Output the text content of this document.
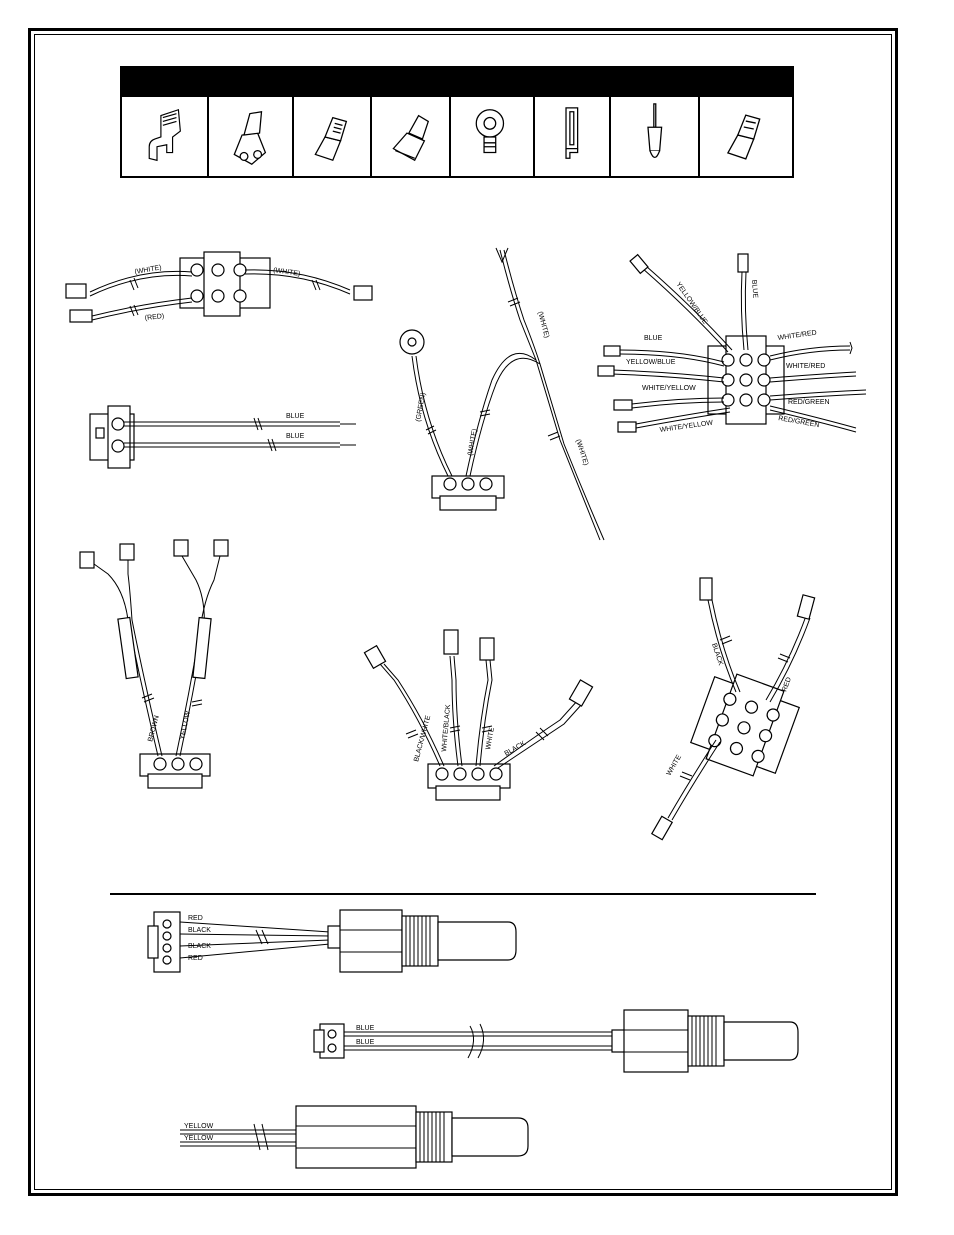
(WHITE)	(WHITE)
(RED)
BLUE
BLUE
(GREEN)
(WHITE)
(WHITE)
(WHITE)
YELLOW/BLUE	BLUE
BLUE	WHITE/RED
YELLOW/BLUE
WHITE/RED
WHITE/YELLOW
RED/GREEN
WHITE/YELLOW	RED/GREEN
BROWN	YELLOW	BLACK/WHITE WHITE/BLACK	WHITE BLACK
BLACK
RED
WHITE
RED
BLACK
BLACK
RED
BLUE
BLUE
YELLOW
YELLOW
